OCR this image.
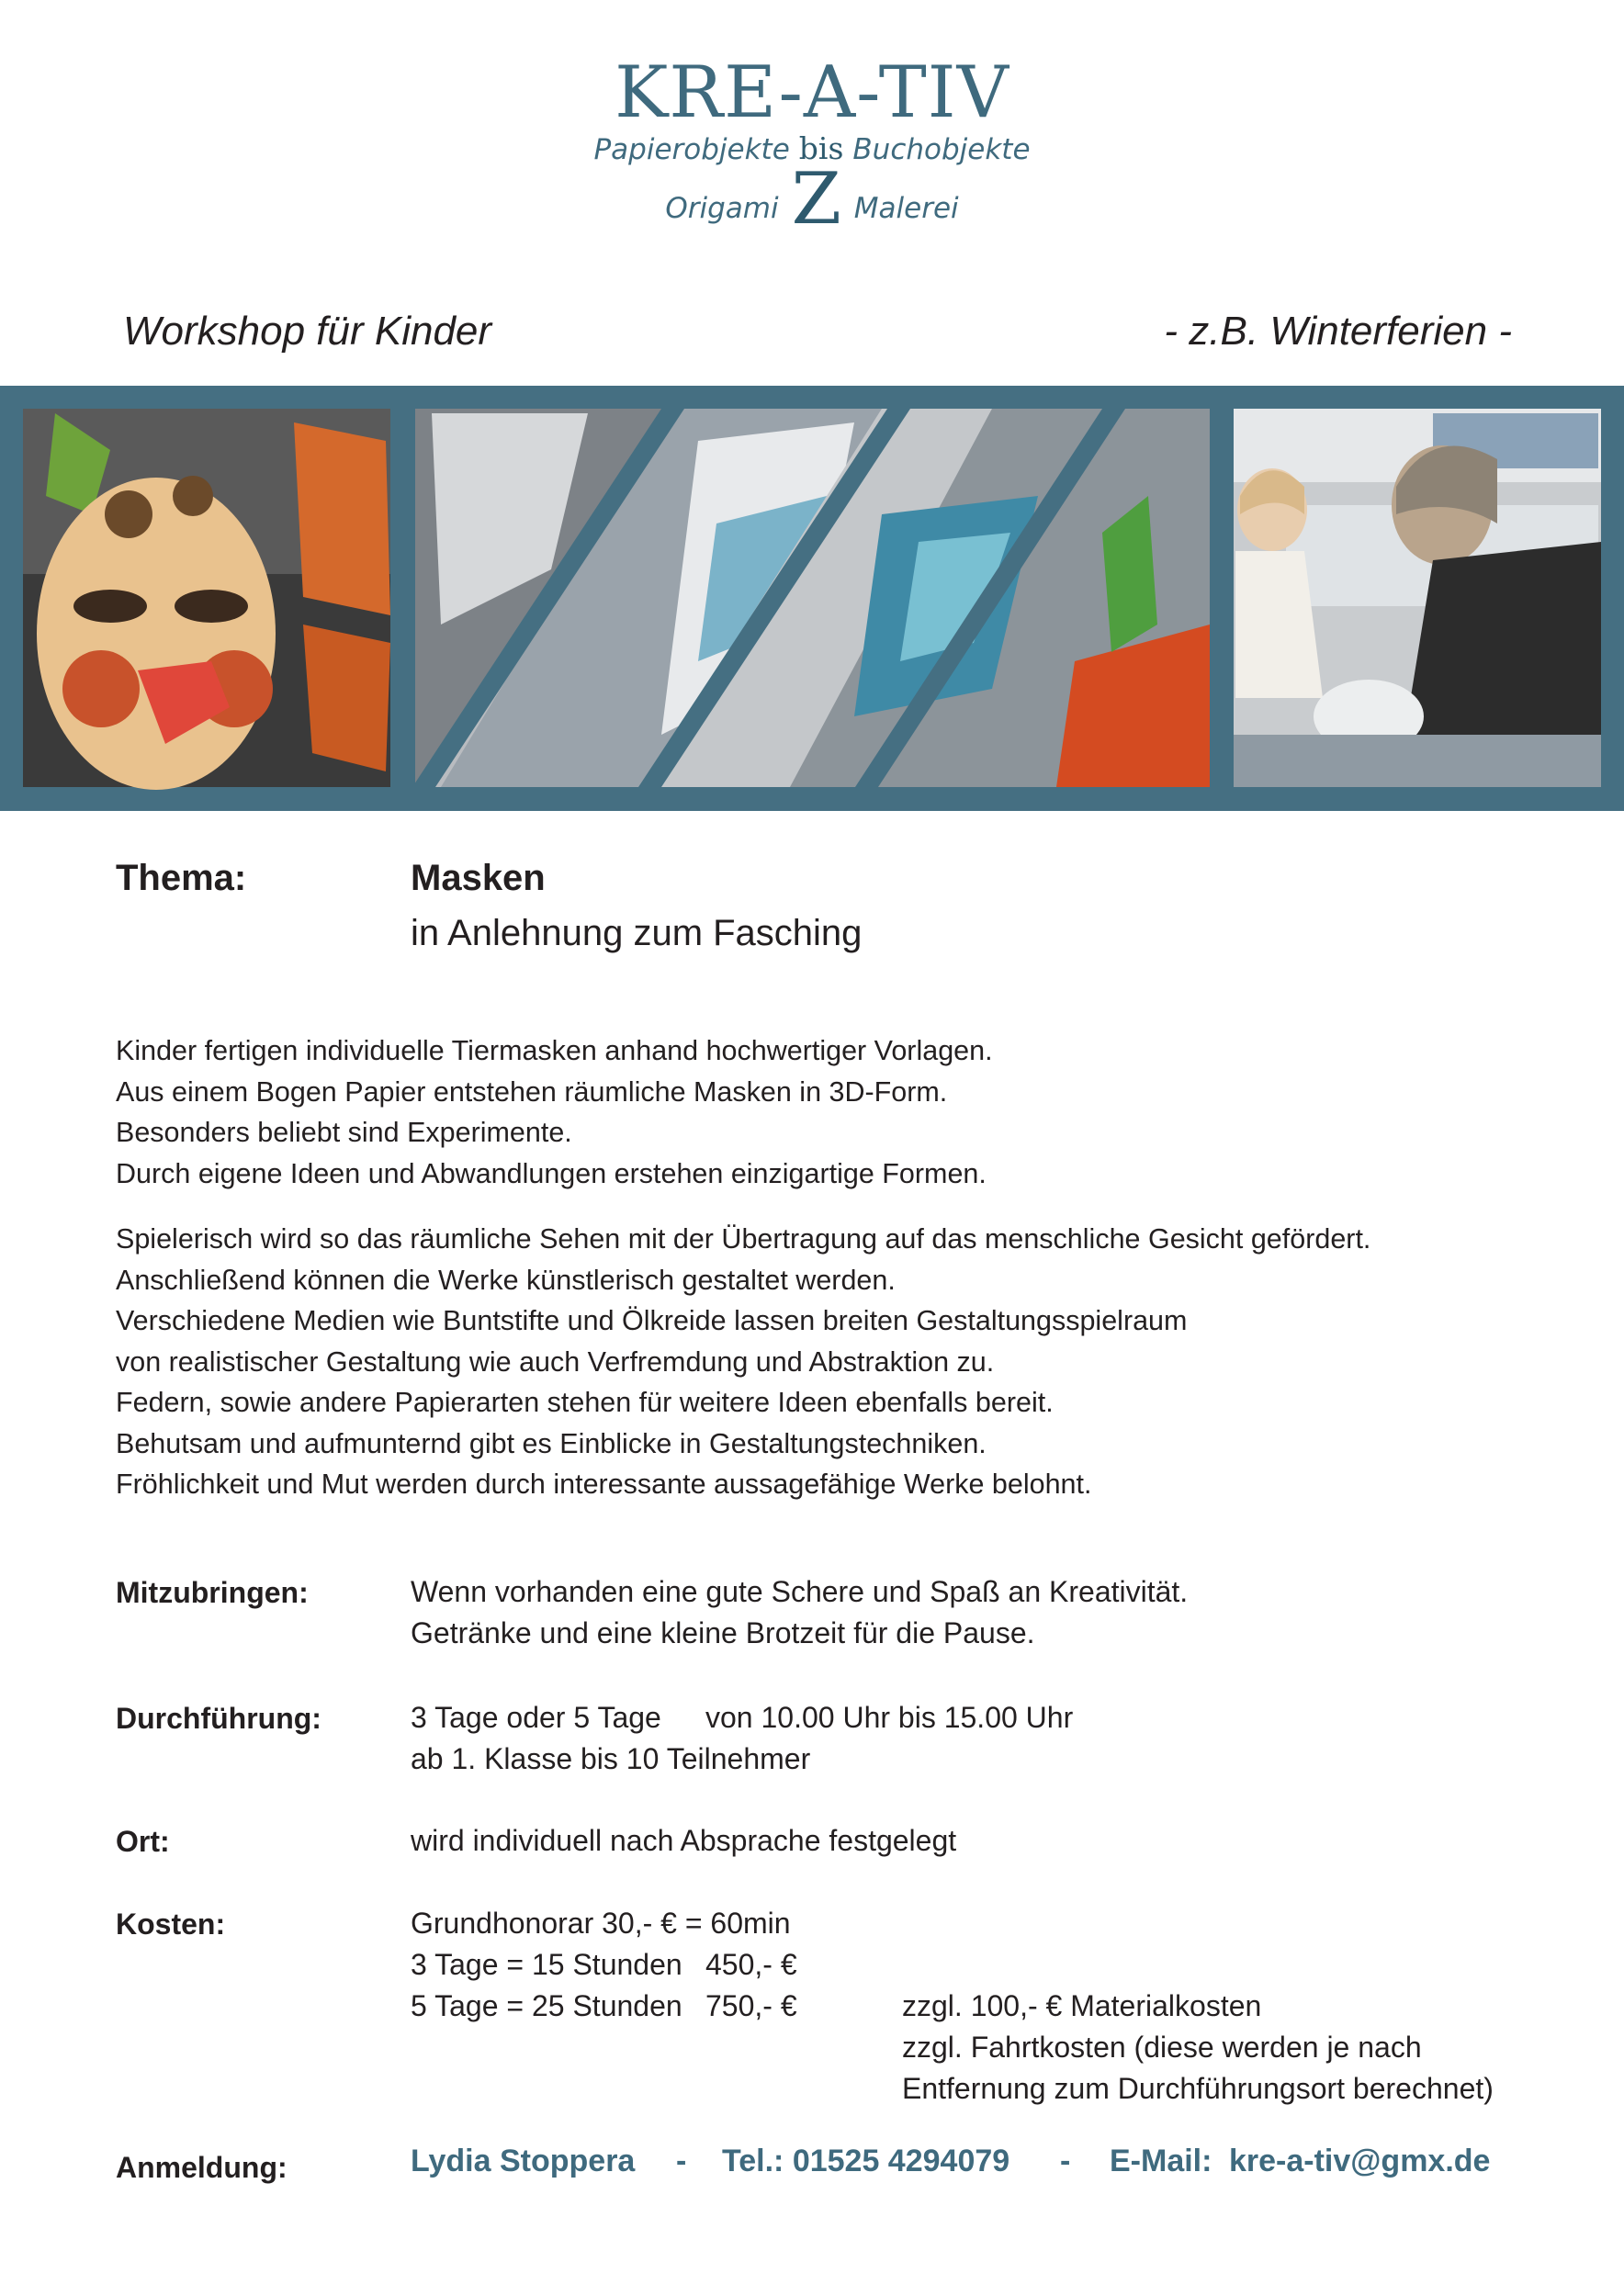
KRE-A-TIV
Papierobjekte bis Buchobjekte
Origami Z Malerei
Workshop für Kinder	- z.B. Winterferien -
Thema:	Masken
in Anlehnung zum Fasching

Kinder fertigen individuelle Tiermasken anhand hochwertiger Vorlagen.

Aus einem Bogen Papier entstehen räumliche Masken in 3D-Form.

Besonders beliebt sind Experimente.

Durch eigene Ideen und Abwandlungen erstehen einzigartige Formen.

Spielerisch wird so das räumliche Sehen mit der Übertragung auf das menschliche Gesicht gefördert.

Anschließend können die Werke künstlerisch gestaltet werden.

Verschiedene Medien wie Buntstifte und Ölkreide lassen breiten Gestaltungsspielraum

von realistischer Gestaltung wie auch Verfremdung und Abstraktion zu.

Federn, sowie andere Papierarten stehen für weitere Ideen ebenfalls bereit.

Behutsam und aufmunternd gibt es Einblicke in Gestaltungstechniken.

Fröhlichkeit und Mut werden durch interessante aussagefähige Werke belohnt.

Mitzubringen:	Wenn vorhanden eine gute Schere und Spaß an Kreativität.
Getränke und eine kleine Brotzeit für die Pause.
Durchführung:	3 Tage oder 5 Tage von 10.00 Uhr bis 15.00 Uhr
ab 1. Klasse bis 10 Teilnehmer
Ort:	wird individuell nach Absprache festgelegt
Kosten:	Grundhonorar 30,- € = 60min
3 Tage = 15 Stunden 450,- €
5 Tage = 25 Stunden 750,- €	zzgl. 100,- € Materialkosten
zzgl. Fahrtkosten (diese werden je nach
Entfernung zum Durchführungsort berechnet)
Anmeldung:	Lydia Stoppera - Tel.: 01525 4294079 - E-Mail: kre-a-tiv@gmx.de
